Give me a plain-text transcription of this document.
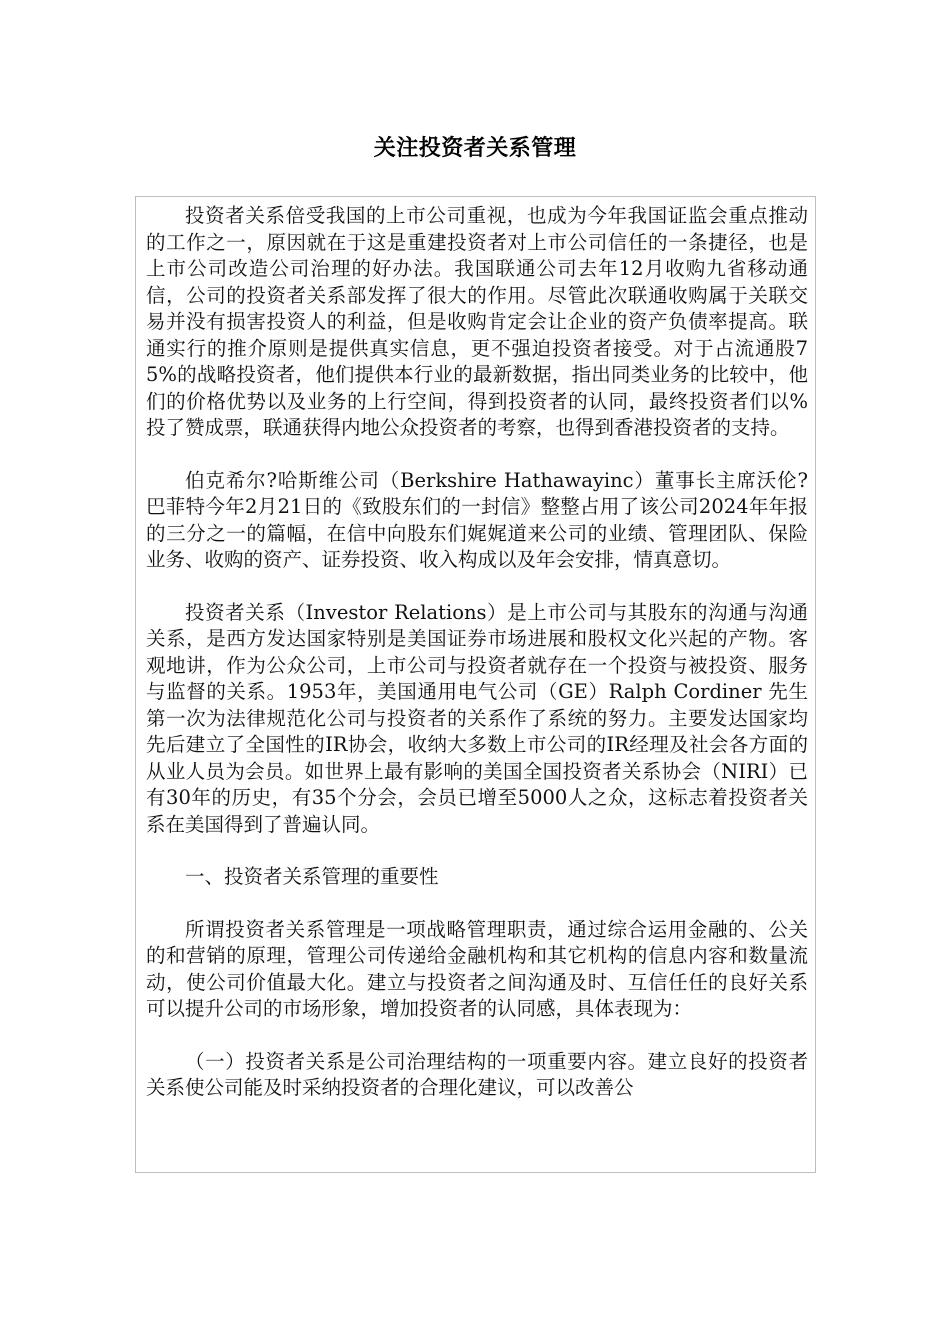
关注投资者关系管理

投资者关系倍受我国的上市公司重视，也成为今年我国证监会重点推动的工作之一，原因就在于这是重建投资者对上市公司信任的一条捷径，也是上市公司改造公司治理的好办法。我国联通公司去年12月收购九省移动通信，公司的投资者关系部发挥了很大的作用。尽管此次联通收购属于关联交易并没有损害投资人的利益，但是收购肯定会让企业的资产负债率提高。联通实行的推介原则是提供真实信息，更不强迫投资者接受。对于占流通股75%的战略投资者，他们提供本行业的最新数据，指出同类业务的比较中，他们的价格优势以及业务的上行空间，得到投资者的认同，最终投资者们以%投了赞成票，联通获得内地公众投资者的考察，也得到香港投资者的支持。

伯克希尔?哈斯维公司（Berkshire Hathawayinc）董事长主席沃伦?巴菲特今年2月21日的《致股东们的一封信》整整占用了该公司2024年年报的三分之一的篇幅，在信中向股东们娓娓道来公司的业绩、管理团队、保险业务、收购的资产、证券投资、收入构成以及年会安排，情真意切。

投资者关系（Investor Relations）是上市公司与其股东的沟通与沟通关系，是西方发达国家特别是美国证券市场进展和股权文化兴起的产物。客观地讲，作为公众公司，上市公司与投资者就存在一个投资与被投资、服务与监督的关系。1953年，美国通用电气公司（GE）Ralph Cordiner 先生第一次为法律规范化公司与投资者的关系作了系统的努力。主要发达国家均先后建立了全国性的IR协会，收纳大多数上市公司的IR经理及社会各方面的从业人员为会员。如世界上最有影响的美国全国投资者关系协会（NIRI）已有30年的历史，有35个分会，会员已增至5000人之众，这标志着投资者关系在美国得到了普遍认同。

一、投资者关系管理的重要性

所谓投资者关系管理是一项战略管理职责，通过综合运用金融的、公关的和营销的原理，管理公司传递给金融机构和其它机构的信息内容和数量流动，使公司价值最大化。建立与投资者之间沟通及时、互信任任的良好关系可以提升公司的市场形象，增加投资者的认同感，具体表现为：

（一）投资者关系是公司治理结构的一项重要内容。建立良好的投资者关系使公司能及时采纳投资者的合理化建议，可以改善公
